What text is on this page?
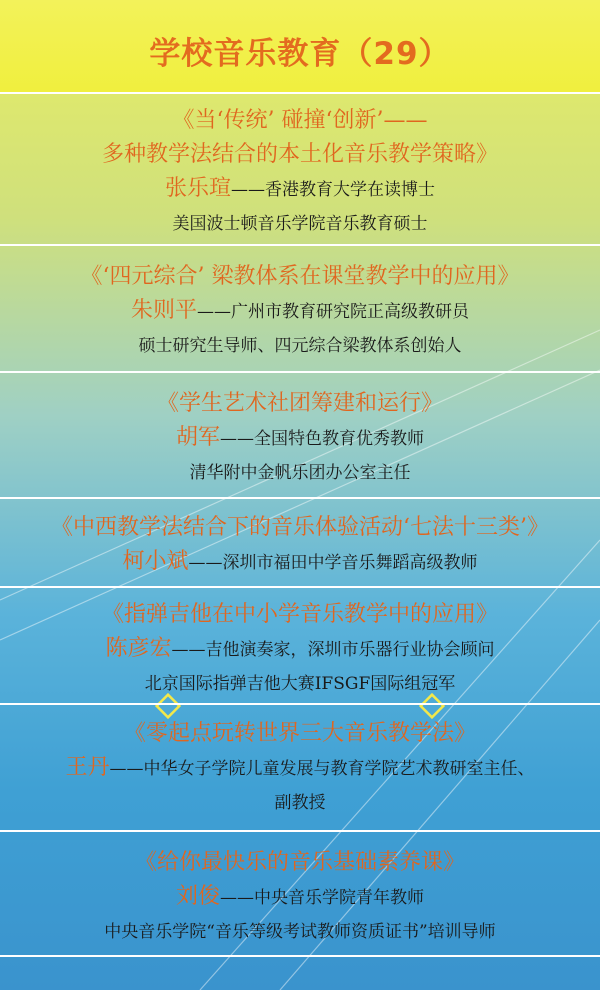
学校音乐教育（29）
《当‘传统’ 碰撞‘创新’——
多种教学法结合的本土化音乐教学策略》
张乐瑄——香港教育大学在读博士
美国波士顿音乐学院音乐教育硕士
《‘四元综合’ 梁教体系在课堂教学中的应用》
朱则平——广州市教育研究院正高级教研员
硕士研究生导师、四元综合梁教体系创始人
《学生艺术社团筹建和运行》
胡军——全国特色教育优秀教师
清华附中金帆乐团办公室主任
《中西教学法结合下的音乐体验活动‘七法十三类’》
柯小斌——深圳市福田中学音乐舞蹈高级教师
《指弹吉他在中小学音乐教学中的应用》
陈彦宏——吉他演奏家，深圳市乐器行业协会顾问
北京国际指弹吉他大赛IFSGF国际组冠军
《零起点玩转世界三大音乐教学法》
王丹——中华女子学院儿童发展与教育学院艺术教研室主任、
副教授
《给你最快乐的音乐基础素养课》
刘俊——中央音乐学院青年教师
中央音乐学院“音乐等级考试教师资质证书”培训导师
